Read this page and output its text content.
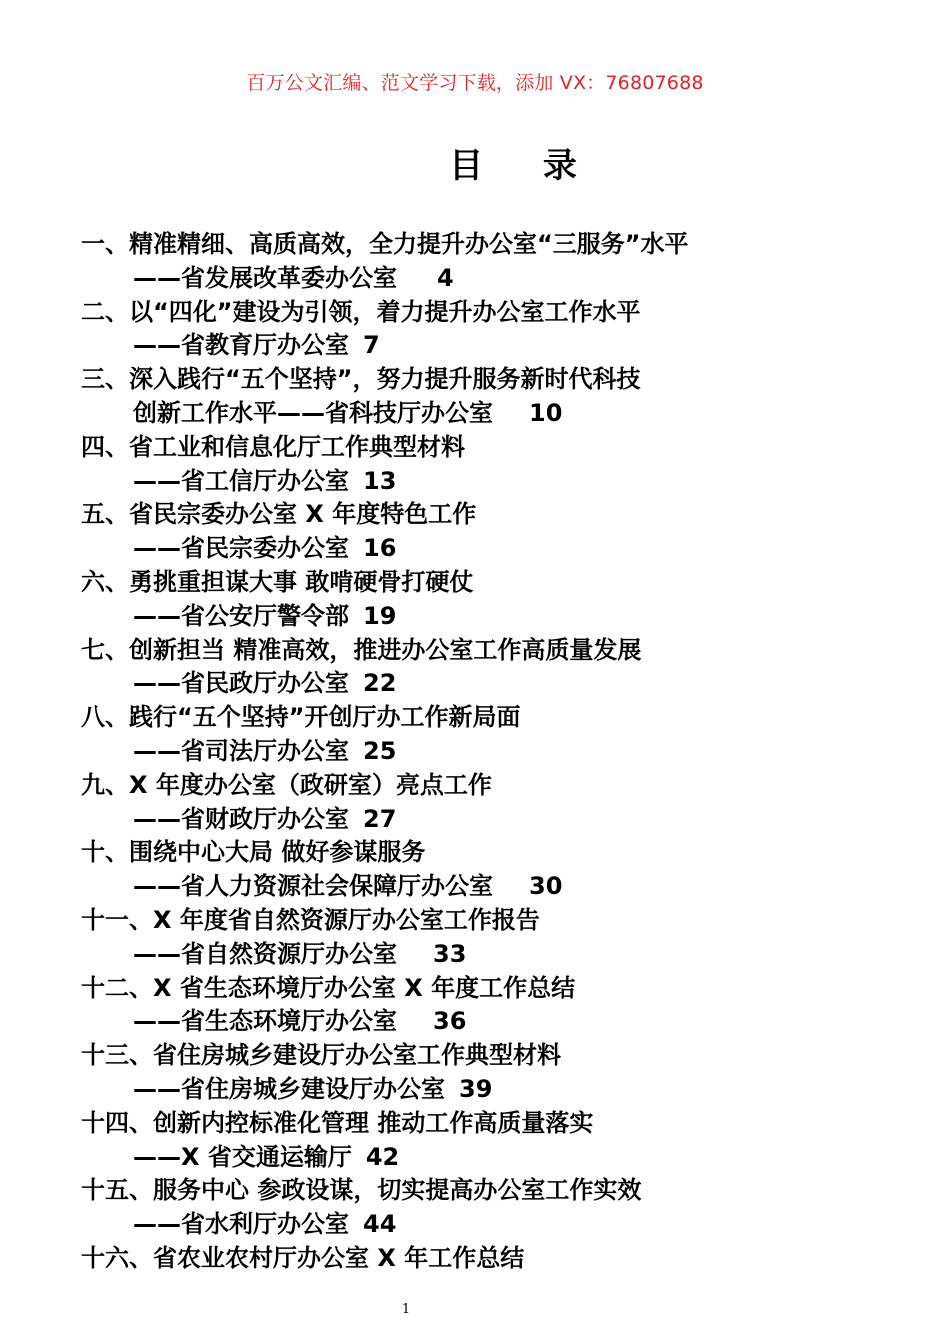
百万公文汇编、范文学习下载，添加 VX：76807688
目 录
一、精准精细、高质高效，全力提升办公室“三服务”水平
——省发展改革委办公室 4
二、以“四化”建设为引领，着力提升办公室工作水平
——省教育厅办公室 7
三、深入践行“五个坚持”，努力提升服务新时代科技
创新工作水平——省科技厅办公室 10
四、省工业和信息化厅工作典型材料
——省工信厅办公室 13
五、省民宗委办公室 X 年度特色工作
——省民宗委办公室 16
六、勇挑重担谋大事 敢啃硬骨打硬仗
——省公安厅警令部 19
七、创新担当 精准高效，推进办公室工作高质量发展
——省民政厅办公室 22
八、践行“五个坚持”开创厅办工作新局面
——省司法厅办公室 25
九、X 年度办公室（政研室）亮点工作
——省财政厅办公室 27
十、围绕中心大局 做好参谋服务
——省人力资源社会保障厅办公室 30
十一、X 年度省自然资源厅办公室工作报告
——省自然资源厅办公室 33
十二、X 省生态环境厅办公室 X 年度工作总结
——省生态环境厅办公室 36
十三、省住房城乡建设厅办公室工作典型材料
——省住房城乡建设厅办公室 39
十四、创新内控标准化管理 推动工作高质量落实
——X 省交通运输厅 42
十五、服务中心 参政设谋，切实提高办公室工作实效
——省水利厅办公室 44
十六、省农业农村厅办公室 X 年工作总结
1
